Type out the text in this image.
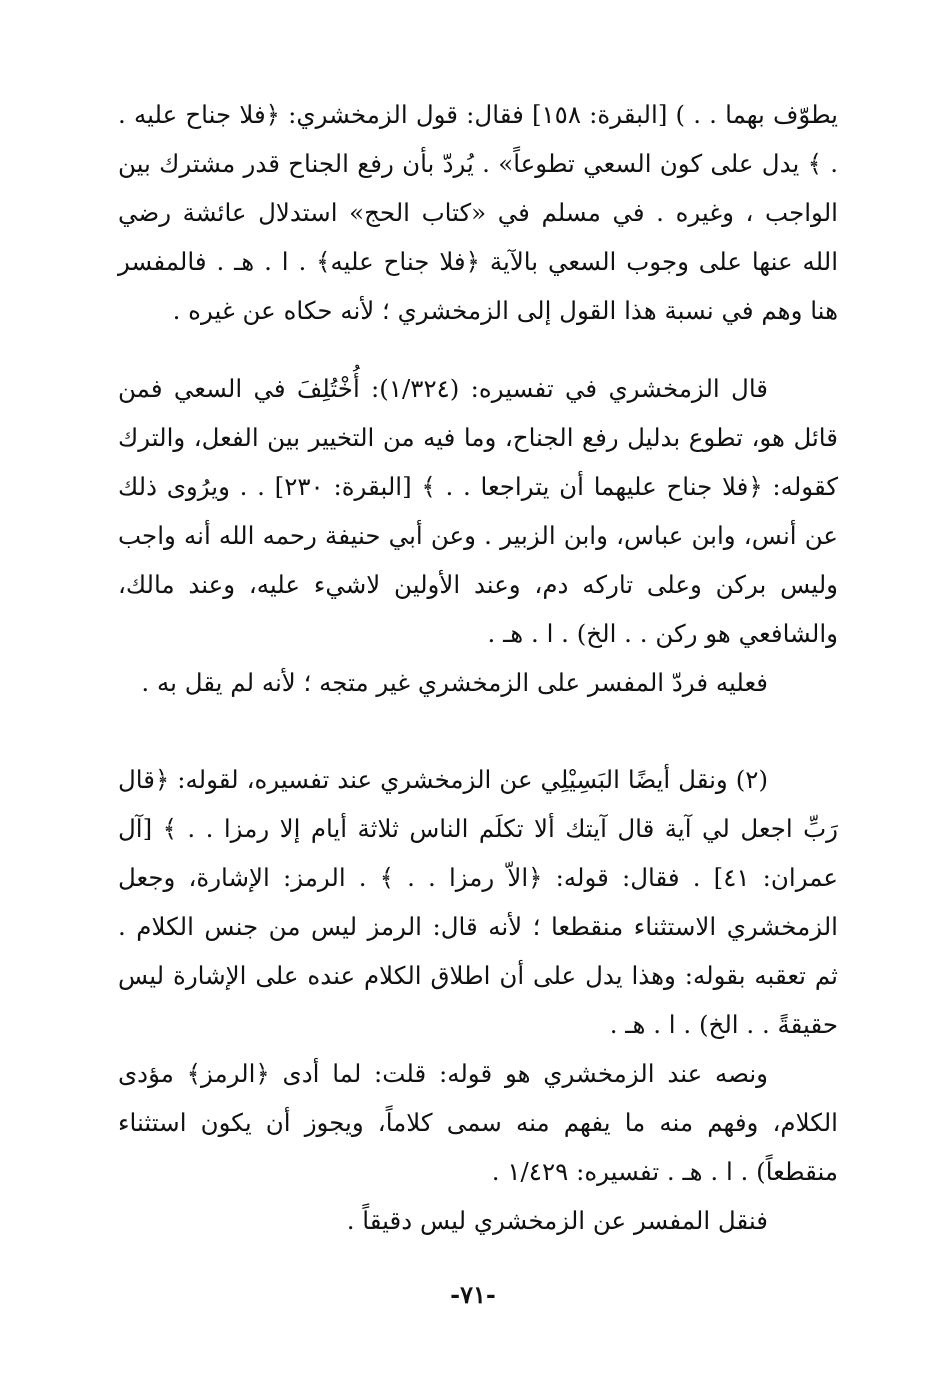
يطوّف بهما . . ) [البقرة: ١٥٨] فقال: قول الزمخشري: ﴿فلا جناح عليه . . ﴾ يدل على كون السعي تطوعاً» . يُردّ بأن رفع الجناح قدر مشترك بين الواجب ، وغيره . في مسلم في «كتاب الحج» استدلال عائشة رضي الله عنها على وجوب السعي بالآية ﴿فلا جناح عليه﴾ . ا . هـ . فالمفسر هنا وهم في نسبة هذا القول إلى الزمخشري ؛ لأنه حكاه عن غيره .

قال الزمخشري في تفسيره: (١/٣٢٤): أُخْتُلِفَ في السعي فمن قائل هو، تطوع بدليل رفع الجناح، وما فيه من التخيير بين الفعل، والترك كقوله: ﴿فلا جناح عليهما أن يتراجعا . . ﴾ [البقرة: ٢٣٠] . . ويرُوى ذلك عن أنس، وابن عباس، وابن الزبير . وعن أبي حنيفة رحمه الله أنه واجب وليس بركن وعلى تاركه دم، وعند الأولين لاشيء عليه، وعند مالك، والشافعي هو ركن . . الخ) . ا . هـ .

فعليه فردّ المفسر على الزمخشري غير متجه ؛ لأنه لم يقل به .

(٢) ونقل أيضًا البَسِيْلِي عن الزمخشري عند تفسيره، لقوله: ﴿قال رَبِّ اجعل لي آية قال آيتك ألا تكلَم الناس ثلاثة أيام إلا رمزا . . ﴾ [آل عمران: ٤١] . فقال: قوله: ﴿الاّ رمزا . . ﴾ . الرمز: الإشارة، وجعل الزمخشري الاستثناء منقطعا ؛ لأنه قال: الرمز ليس من جنس الكلام . ثم تعقبه بقوله: وهذا يدل على أن اطلاق الكلام عنده على الإشارة ليس حقيقةً . . الخ) . ا . هـ .

ونصه عند الزمخشري هو قوله: قلت: لما أدى ﴿الرمز﴾ مؤدى الكلام، وفهم منه ما يفهم منه سمى كلاماً، ويجوز أن يكون استثناء منقطعاً) . ا . هـ . تفسيره: ١/٤٢٩ .

فنقل المفسر عن الزمخشري ليس دقيقاً .

-٧١-
